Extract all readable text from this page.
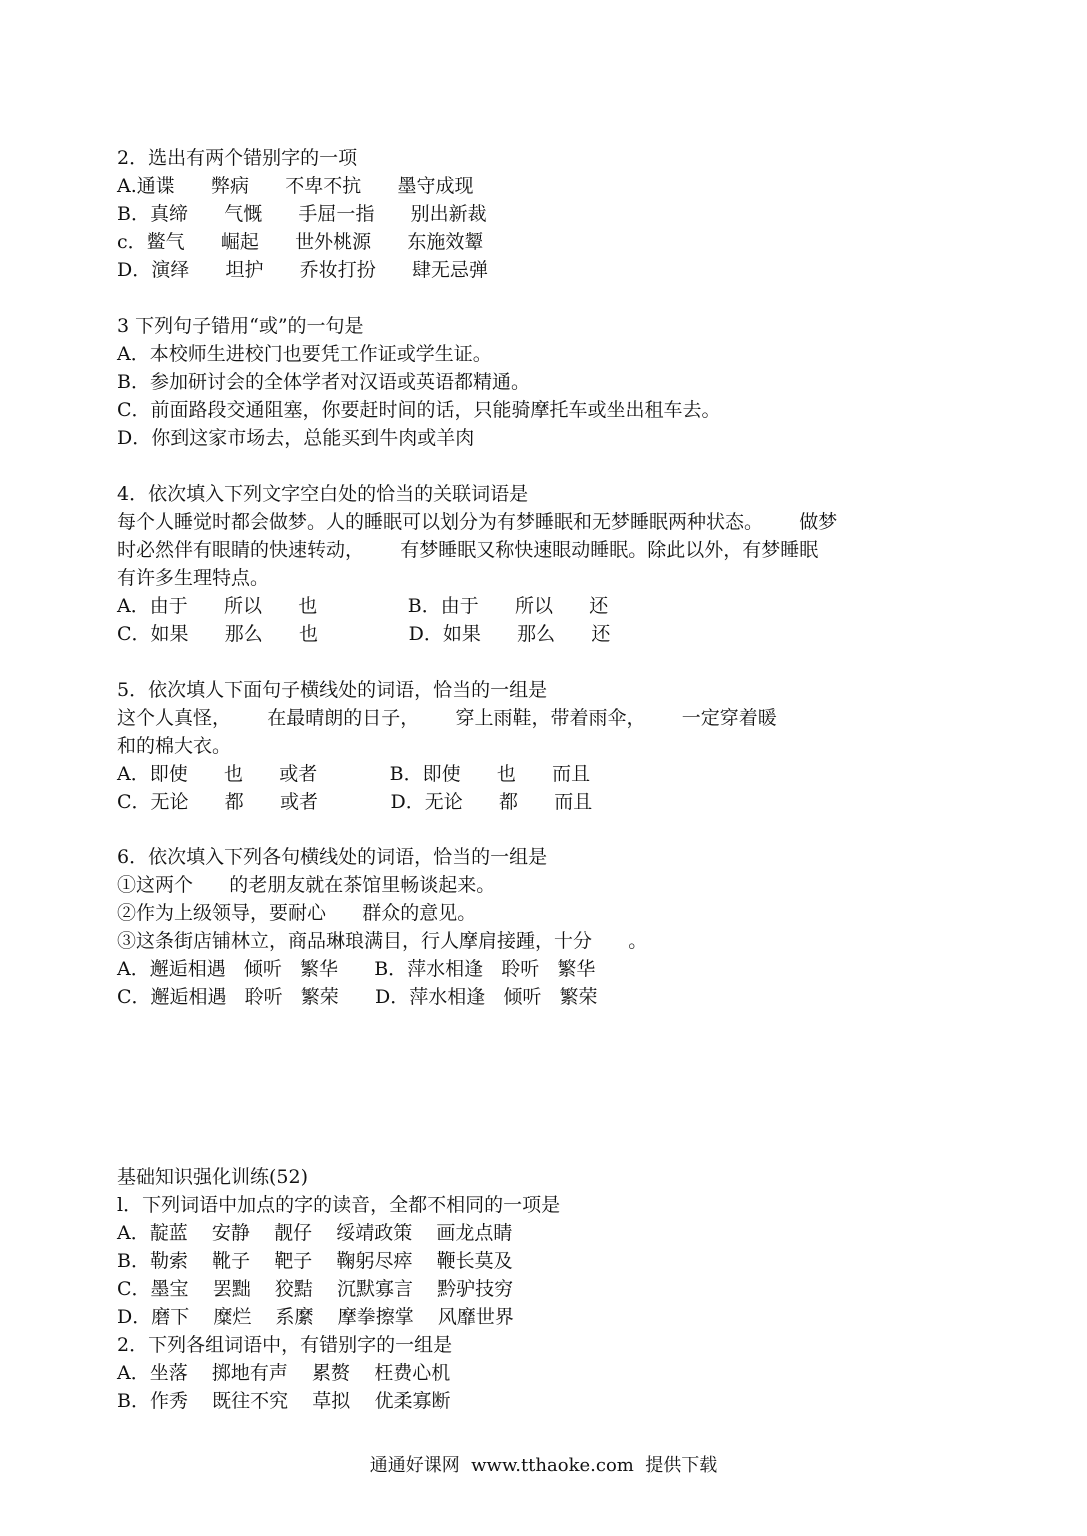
2．选出有两个错别字的一项
A.通谍      弊病      不卑不抗      墨守成现
B．真缔      气慨      手屈一指      别出新裁
c．鳖气      崛起      世外桃源      东施效颦
D．演绎      坦护      乔妆打扮      肆无忌弹
3 下列句子错用“或”的一句是
A．本校师生进校门也要凭工作证或学生证。
B．参加研讨会的全体学者对汉语或英语都精通。
C．前面路段交通阻塞，你要赶时间的话，只能骑摩托车或坐出租车去。
D．你到这家市场去，总能买到牛肉或羊肉
4．依次填入下列文字空白处的恰当的关联词语是
每个人睡觉时都会做梦。人的睡眠可以划分为有梦睡眠和无梦睡眠两种状态。      做梦
时必然伴有眼睛的快速转动，      有梦睡眠又称快速眼动睡眠。除此以外，有梦睡眠
有许多生理特点。
A．由于      所以      也               B．由于      所以      还
C．如果      那么      也               D．如果      那么      还
5．依次填人下面句子横线处的词语，恰当的一组是
这个人真怪，      在最晴朗的日子，      穿上雨鞋，带着雨伞，      一定穿着暖
和的棉大衣。
A．即使      也      或者            B．即使      也      而且
C．无论      都      或者            D．无论      都      而且
6．依次填入下列各句横线处的词语，恰当的一组是
①这两个      的老朋友就在茶馆里畅谈起来。
②作为上级领导，要耐心      群众的意见。
③这条街店铺林立，商品琳琅满目，行人摩肩接踵，十分      。
A．邂逅相遇   倾听   繁华      B．萍水相逢   聆听   繁华
C．邂逅相遇   聆听   繁荣      D．萍水相逢   倾听   繁荣
基础知识强化训练(52)
l．下列词语中加点的字的读音，全都不相同的一项是
A．靛蓝    安静    靓仔    绥靖政策    画龙点睛
B．勒索    靴子    靶子    鞠躬尽瘁    鞭长莫及
C．墨宝    罢黜    狡黠    沉默寡言    黔驴技穷
D．磨下    糜烂    系縻    摩拳擦掌    风靡世界
2．下列各组词语中，有错别字的一组是
A．坐落    掷地有声    累赘    枉费心机
B．作秀    既往不究    草拟    优柔寡断
通通好课网  www.tthaoke.com  提供下载
